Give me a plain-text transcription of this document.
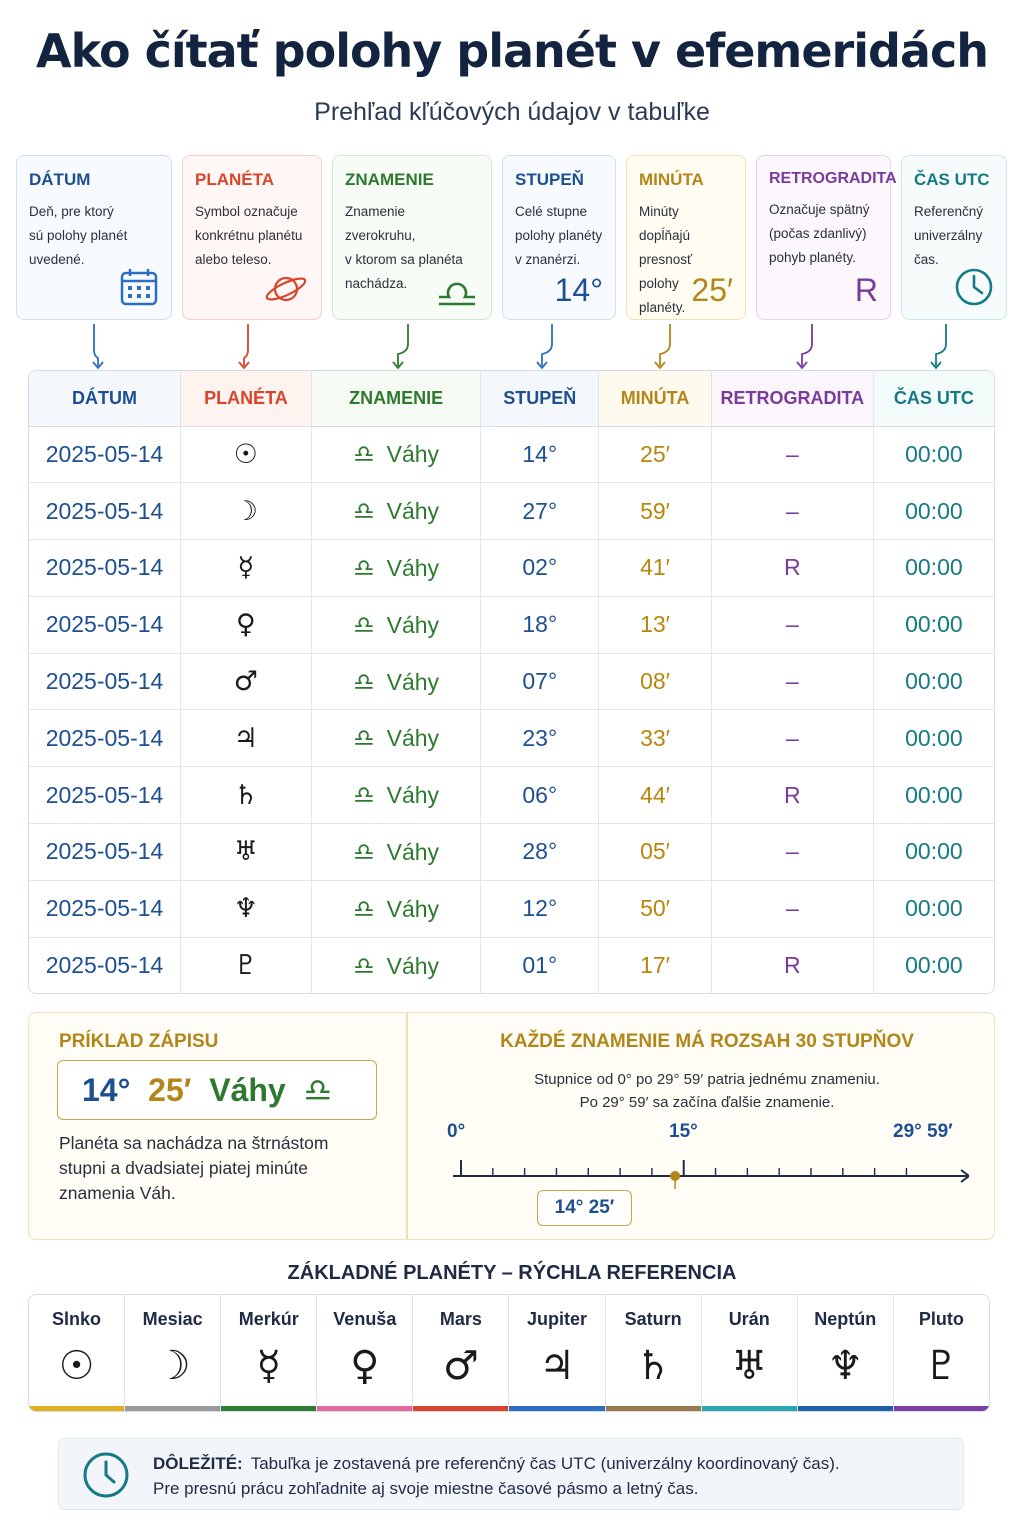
Ako čítať polohy planét v efemeridách
Prehľad kľúčových údajov v tabuľke
DÁTUM
Deň, pre ktorý
sú polohy planét
uvedené.
PLANÉTA
Symbol označuje
konkrétnu planétu
alebo teleso.
ZNAMENIE
Znamenie zverokruhu,
v ktorom sa planéta
nachádza.
STUPEŇ
Celé stupne
polohy planéty
v znanérzi.
14°
MINÚTA
Minúty dopĺňajú
presnosť polohy
planéty. 25′
RETROGRADITA
Označuje spätný
(počas zdanlivý)
pohyb planéty.
R
ČAS UTC
Referenčný
univerzálny
čas.
DÁTUM	PLANÉTA	ZNAMENIE	STUPEŇ	MINÚTA	RETROGRADITA	ČAS UTC
2025-05-14	☉	♎ Váhy	14°	25′	–	00:00
2025-05-14	☽	♎ Váhy	27°	59′	–	00:00
2025-05-14	☿	♎ Váhy	02°	41′	R	00:00
2025-05-14	♀	♎ Váhy	18°	13′	–	00:00
2025-05-14	♂	♎ Váhy	07°	08′	–	00:00
2025-05-14	♃	♎ Váhy	23°	33′	–	00:00
2025-05-14	♄	♎ Váhy	06°	44′	R	00:00
2025-05-14	♅	♎ Váhy	28°	05′	–	00:00
2025-05-14	♆	♎ Váhy	12°	50′	–	00:00
2025-05-14	♇	♎ Váhy	01°	17′	R	00:00
PRÍKLAD ZÁPISU
14° 25′ Váhy ♎
Planéta sa nachádza na štrnástom stupni a dvadsiatej piatej minúte znamenia Váh.
KAŽDÉ ZNAMENIE MÁ ROZSAH 30 STUPŇOV
Stupnice od 0° po 29° 59′ patria jednému znameniu.
Po 29° 59′ sa začína ďalšie znamenie.
0°	15°	29° 59′
14° 25′
ZÁKLADNÉ PLANÉTY – RÝCHLA REFERENCIA
Slnko
☉
Mesiac
☽
Merkúr
☿
Venuša
♀
Mars
♂
Jupiter
♃
Saturn
♄
Urán
♅
Neptún
♆
Pluto
♇
DÔLEŽITÉ: Tabuľka je zostavená pre referenčný čas UTC (univerzálny koordinovaný čas).
Pre presnú prácu zohľadnite aj svoje miestne časové pásmo a letný čas.
